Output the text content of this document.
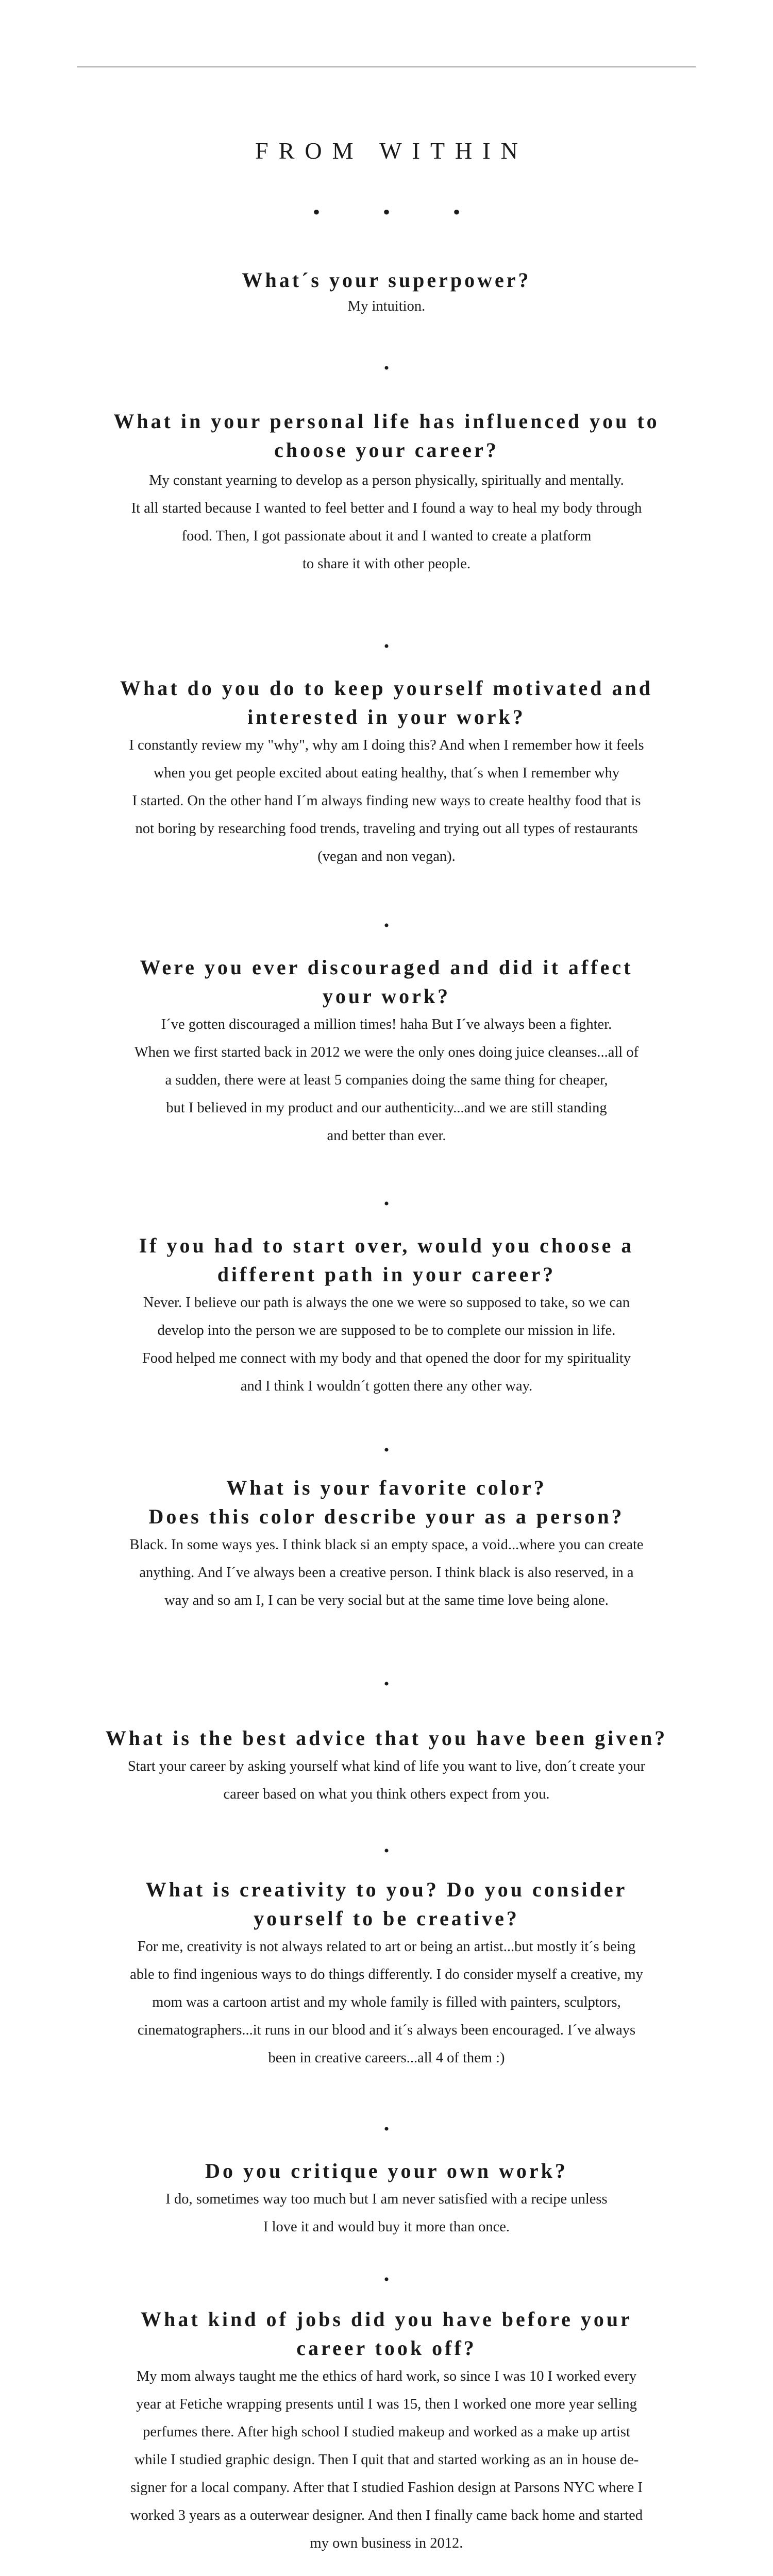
FROM WITHIN
• • •
What´s your superpower?

My intuition.

•
What in your personal life has influenced you to
choose your career?

My constant yearning to develop as a person physically, spiritually and mentally.
It all started because I wanted to feel better and I found a way to heal my body through
food. Then, I got passionate about it and I wanted to create a platform
to share it with other people.

•
What do you do to keep yourself motivated and
interested in your work?

I constantly review my "why", why am I doing this? And when I remember how it feels
when you get people excited about eating healthy, that´s when I remember why
I started. On the other hand I´m always finding new ways to create healthy food that is
not boring by researching food trends, traveling and trying out all types of restaurants
(vegan and non vegan).

•
Were you ever discouraged and did it affect
your work?

I´ve gotten discouraged a million times! haha But I´ve always been a fighter.
When we first started back in 2012 we were the only ones doing juice cleanses...all of
a sudden, there were at least 5 companies doing the same thing for cheaper,
but I believed in my product and our authenticity...and we are still standing
and better than ever.

•
If you had to start over, would you choose a
different path in your career?

Never. I believe our path is always the one we were so supposed to take, so we can
develop into the person we are supposed to be to complete our mission in life.
Food helped me connect with my body and that opened the door for my spirituality
and I think I wouldn´t gotten there any other way.

•
What is your favorite color?
Does this color describe your as a person?

Black. In some ways yes. I think black si an empty space, a void...where you can create
anything. And I´ve always been a creative person. I think black is also reserved, in a
way and so am I, I can be very social but at the same time love being alone.

•
What is the best advice that you have been given?

Start your career by asking yourself what kind of life you want to live, don´t create your
career based on what you think others expect from you.

•
What is creativity to you? Do you consider
yourself to be creative?

For me, creativity is not always related to art or being an artist...but mostly it´s being
able to find ingenious ways to do things differently. I do consider myself a creative, my
mom was a cartoon artist and my whole family is filled with painters, sculptors,
cinematographers...it runs in our blood and it´s always been encouraged. I´ve always
been in creative careers...all 4 of them :)

•
Do you critique your own work?

I do, sometimes way too much but I am never satisfied with a recipe unless
I love it and would buy it more than once.

•
What kind of jobs did you have before your
career took off?

My mom always taught me the ethics of hard work, so since I was 10 I worked every
year at Fetiche wrapping presents until I was 15, then I worked one more year selling
perfumes there. After high school I studied makeup and worked as a make up artist
while I studied graphic design. Then I quit that and started working as an in house de-
signer for a local company. After that I studied Fashion design at Parsons NYC where I
worked 3 years as a outerwear designer. And then I finally came back home and started
my own business in 2012.
